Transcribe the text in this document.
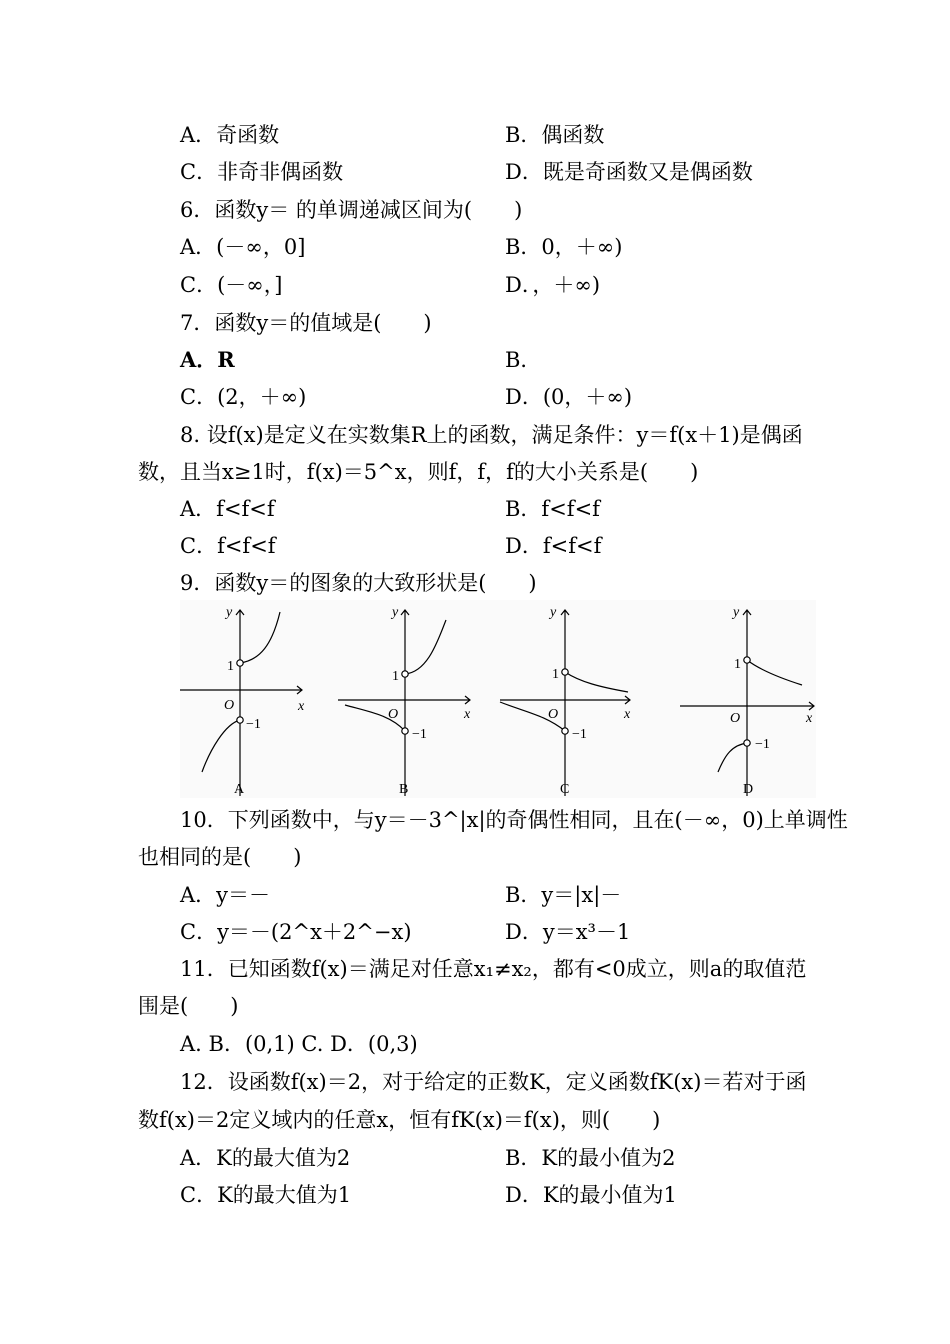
A．奇函数	B．偶函数
C．非奇非偶函数	D．既是奇函数又是偶函数
6．函数y＝ 的单调递减区间为(　　)
A．(－∞，0]	B．0，＋∞)
C．(－∞，]	D．，＋∞)
7．函数y＝的值域是(　　)
A．R	B．
C．(2，＋∞)	D．(0，＋∞)
8. 设f(x)是定义在实数集R上的函数，满足条件：y＝f(x＋1)是偶函
数，且当x≥1时，f(x)＝5^x，则f，f，f的大小关系是(　　)
A．f<f<f	B．f<f<f
C．f<f<f	D．f<f<f
9．函数y＝的图象的大致形状是(　　)
y
x
O
1
−1
A
y
x
O
1
−1
B
y
x
O
1
−1
C
y
x
O
1
−1
D
10．下列函数中，与y＝－3^|x|的奇偶性相同，且在(－∞，0)上单调性
也相同的是(　　)
A．y＝－	B．y＝|x|－
C．y＝－(2^x＋2^−x)	D．y＝x³－1
11．已知函数f(x)＝满足对任意x₁≠x₂，都有<0成立，则a的取值范
围是(　　)
A. B．(0,1) C. D．(0,3)
12．设函数f(x)＝2，对于给定的正数K，定义函数fK(x)＝若对于函
数f(x)＝2定义域内的任意x，恒有fK(x)＝f(x)，则(　　)
A．K的最大值为2	B．K的最小值为2
C．K的最大值为1	D．K的最小值为1
